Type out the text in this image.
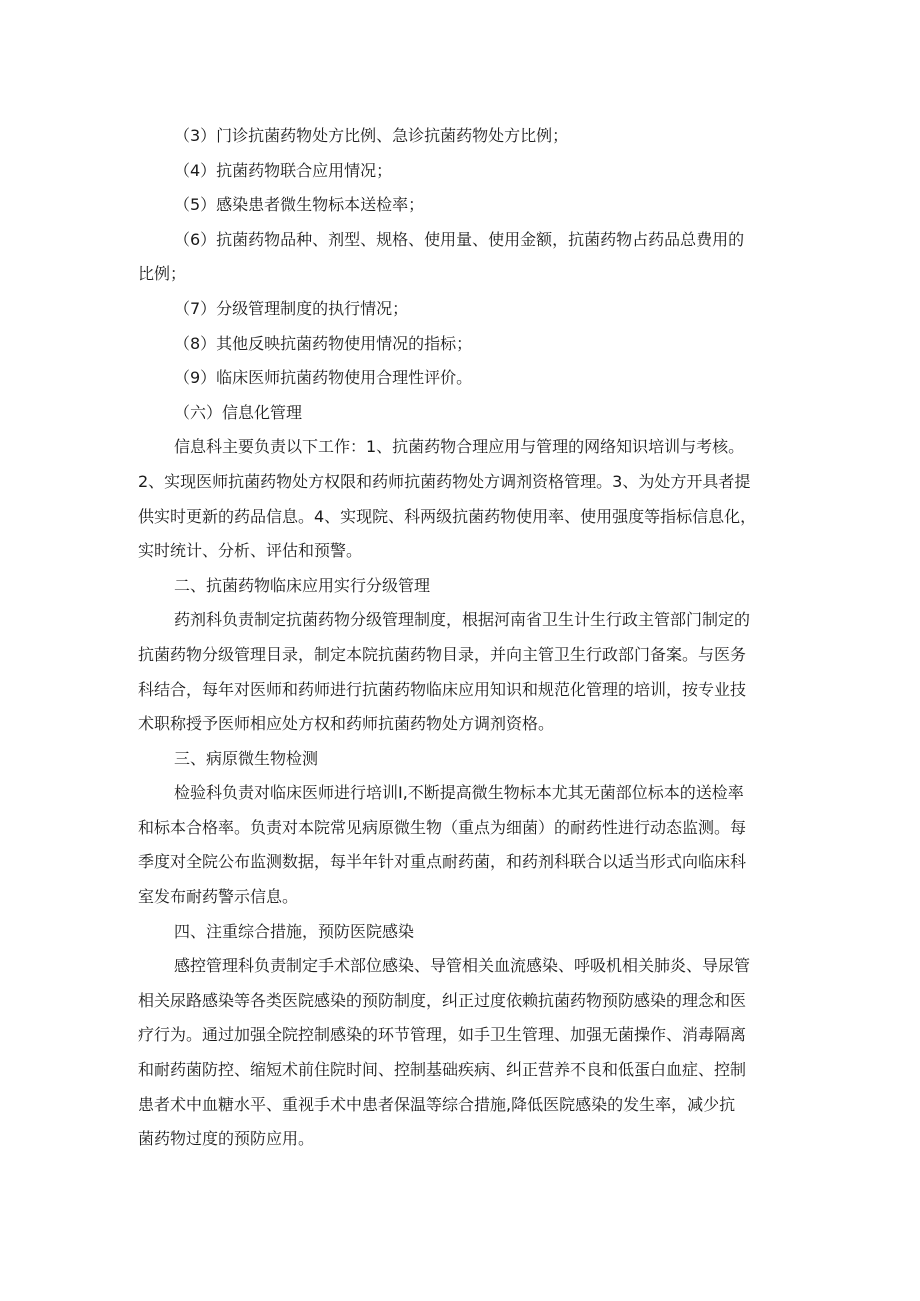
（3）门诊抗菌药物处方比例、急诊抗菌药物处方比例；

（4）抗菌药物联合应用情况；

（5）感染患者微生物标本送检率；

（6）抗菌药物品种、剂型、规格、使用量、使用金额，抗菌药物占药品总费用的

比例；

（7）分级管理制度的执行情况；

（8）其他反映抗菌药物使用情况的指标；

（9）临床医师抗菌药物使用合理性评价。

（六）信息化管理

信息科主要负责以下工作：1、抗菌药物合理应用与管理的网络知识培训与考核。

2、实现医师抗菌药物处方权限和药师抗菌药物处方调剂资格管理。3、为处方开具者提

供实时更新的药品信息。4、实现院、科两级抗菌药物使用率、使用强度等指标信息化，

实时统计、分析、评估和预警。

二、抗菌药物临床应用实行分级管理

药剂科负责制定抗菌药物分级管理制度，根据河南省卫生计生行政主管部门制定的

抗菌药物分级管理目录，制定本院抗菌药物目录，并向主管卫生行政部门备案。与医务

科结合，每年对医师和药师进行抗菌药物临床应用知识和规范化管理的培训，按专业技

术职称授予医师相应处方权和药师抗菌药物处方调剂资格。

三、病原微生物检测

检验科负责对临床医师进行培训I,不断提高微生物标本尤其无菌部位标本的送检率

和标本合格率。负责对本院常见病原微生物（重点为细菌）的耐药性进行动态监测。每

季度对全院公布监测数据，每半年针对重点耐药菌，和药剂科联合以适当形式向临床科

室发布耐药警示信息。

四、注重综合措施，预防医院感染

感控管理科负责制定手术部位感染、导管相关血流感染、呼吸机相关肺炎、导尿管

相关尿路感染等各类医院感染的预防制度，纠正过度依赖抗菌药物预防感染的理念和医

疗行为。通过加强全院控制感染的环节管理，如手卫生管理、加强无菌操作、消毒隔离

和耐药菌防控、缩短术前住院时间、控制基础疾病、纠正营养不良和低蛋白血症、控制

患者术中血糖水平、重视手术中患者保温等综合措施,降低医院感染的发生率，减少抗

菌药物过度的预防应用。
